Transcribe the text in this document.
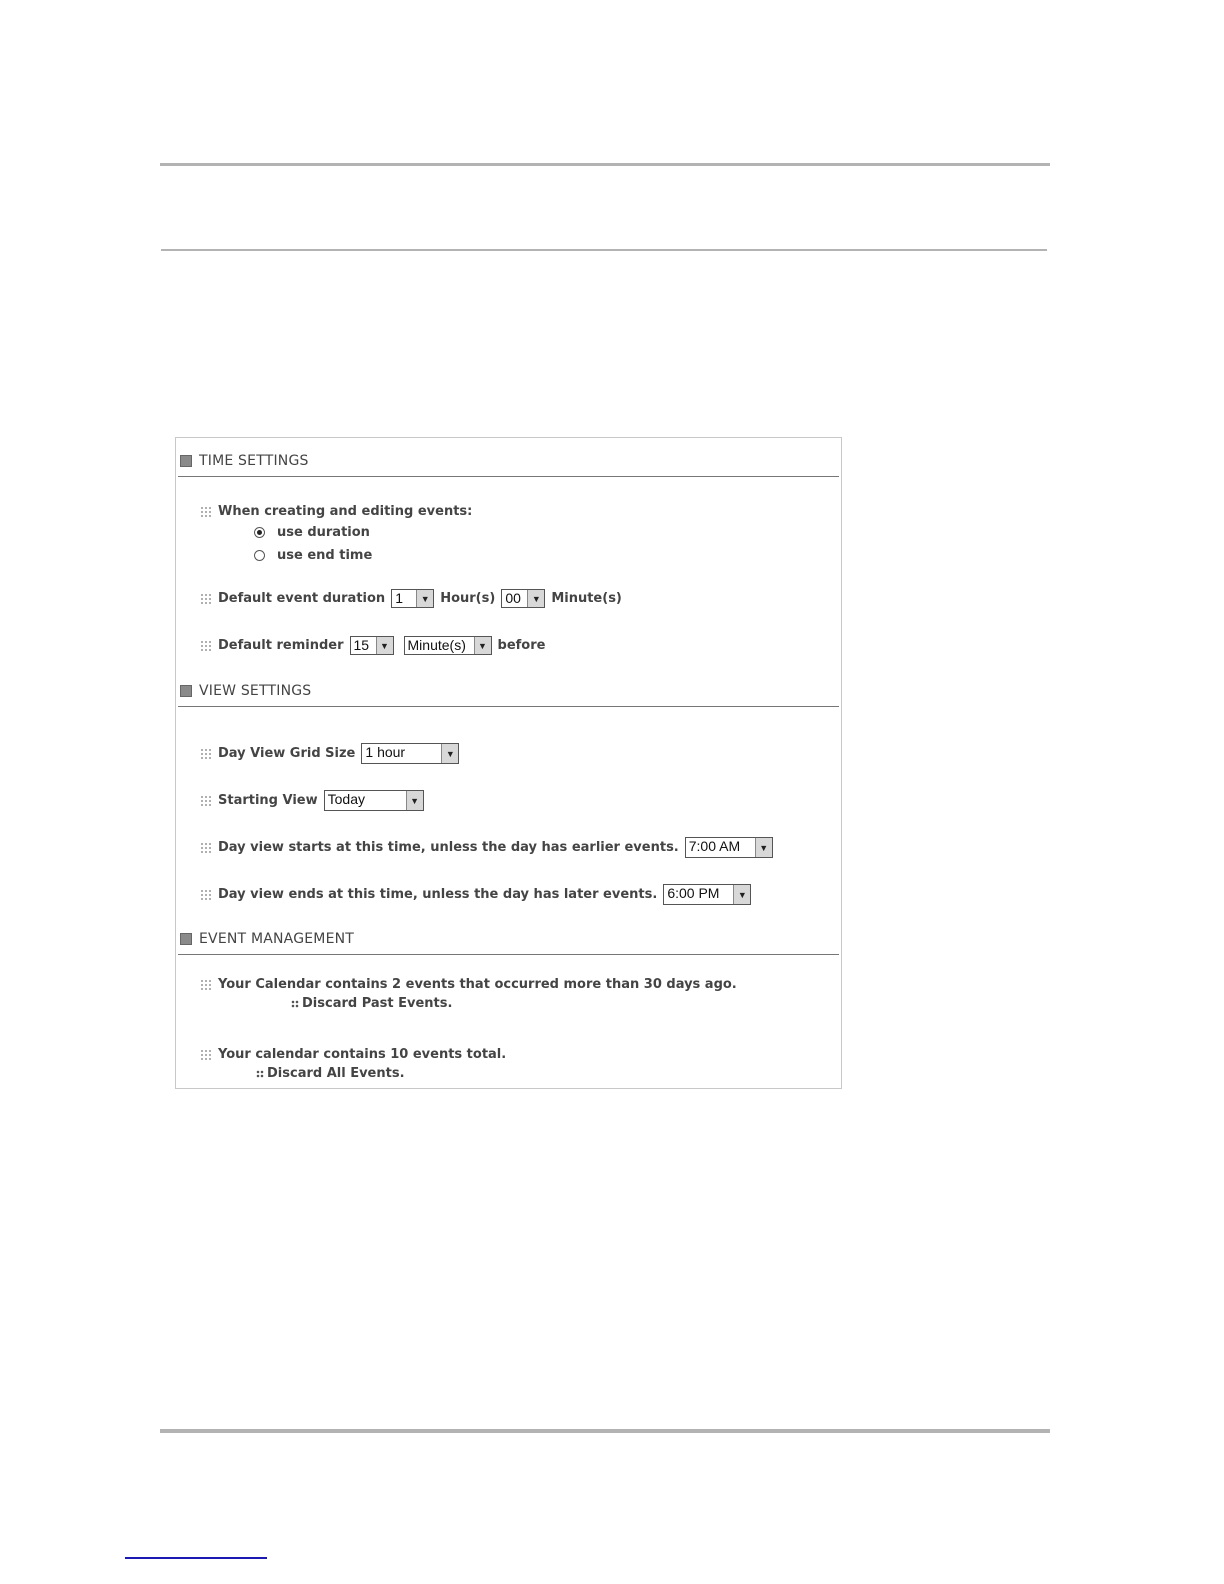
TIME SETTINGS
When creating and editing events:
use duration
use end time
Default event duration 1	▼ Hour(s) 00	▼ Minute(s)
Default reminder 15	▼ Minute(s)	▼ before
VIEW SETTINGS
Day View Grid Size 1 hour	▼
Starting View Today	▼
Day view starts at this time, unless the day has earlier events. 7:00 AM	▼
Day view ends at this time, unless the day has later events. 6:00 PM	▼
EVENT MANAGEMENT
Your Calendar contains 2 events that occurred more than 30 days ago.
Discard Past Events.
Your calendar contains 10 events total.
Discard All Events.
